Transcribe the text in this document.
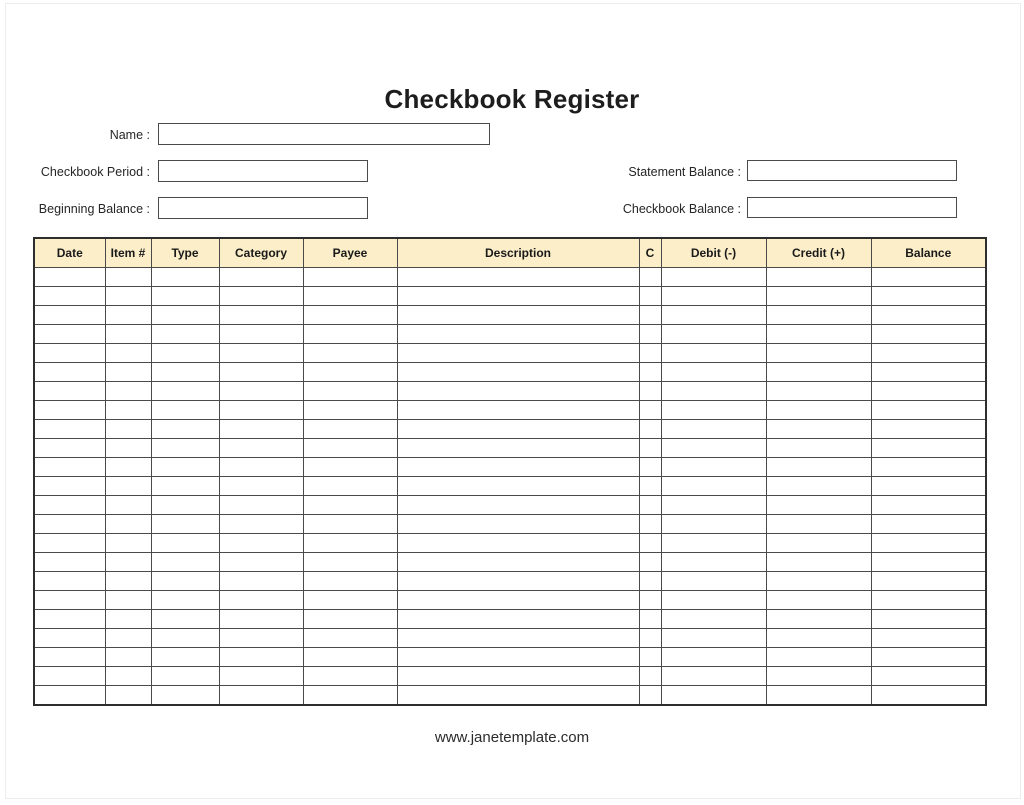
Checkbook Register
Name :
Checkbook Period :
Beginning Balance :
Statement Balance :
Checkbook Balance :
Date	Item #	Type	Category	Payee	Description	C	Debit (-)	Credit (+)	Balance

www.janetemplate.com
